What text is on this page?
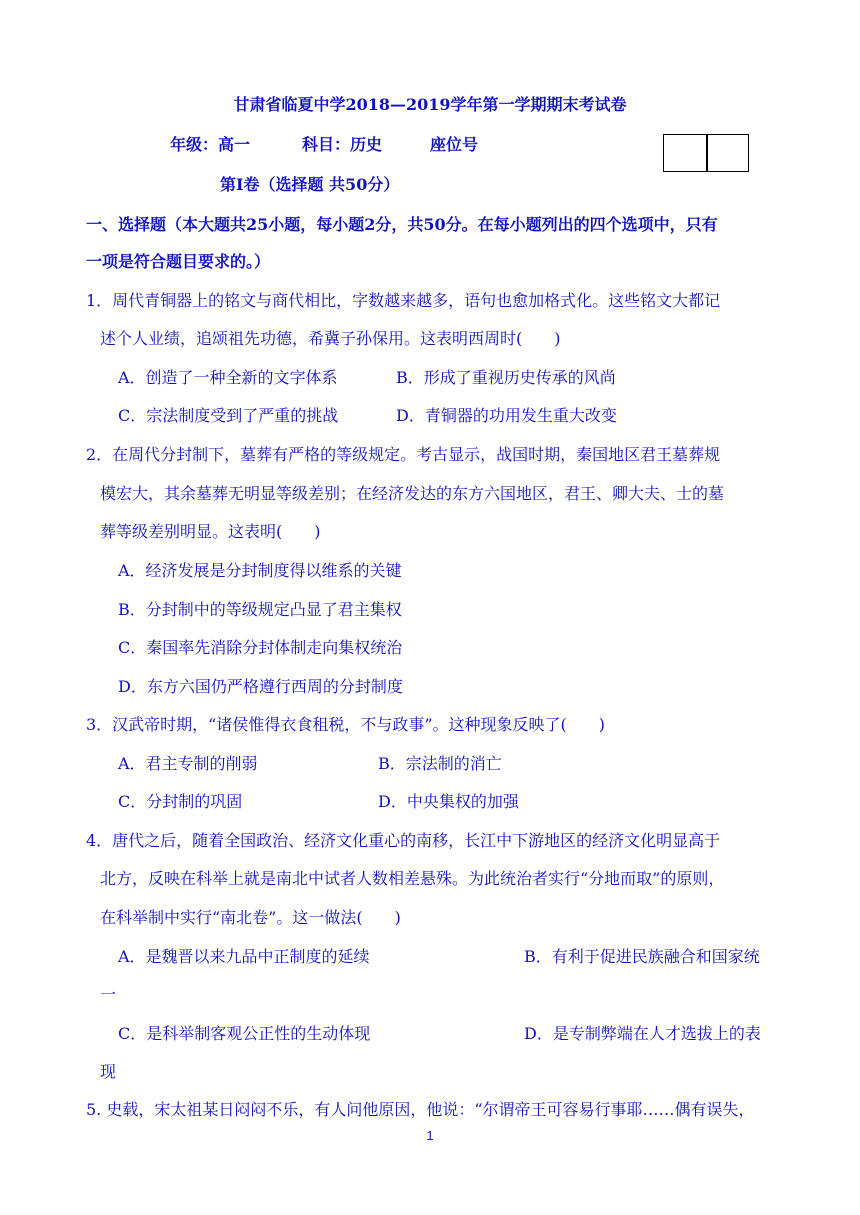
甘肃省临夏中学2018—2019学年第一学期期末考试卷
年级：高一	科目：历史	座位号
第Ⅰ卷（选择题 共50分）
一、选择题（本大题共25小题，每小题2分，共50分。在每小题列出的四个选项中，只有
一项是符合题目要求的。）
1．周代青铜器上的铭文与商代相比，字数越来越多，语句也愈加格式化。这些铭文大都记
述个人业绩，追颂祖先功德，希冀子孙保用。这表明西周时(　　)
A．创造了一种全新的文字体系	B．形成了重视历史传承的风尚
C．宗法制度受到了严重的挑战	D．青铜器的功用发生重大改变
2．在周代分封制下，墓葬有严格的等级规定。考古显示，战国时期，秦国地区君王墓葬规
模宏大，其余墓葬无明显等级差别；在经济发达的东方六国地区，君王、卿大夫、士的墓
葬等级差别明显。这表明(　　)
A．经济发展是分封制度得以维系的关键
B．分封制中的等级规定凸显了君主集权
C．秦国率先消除分封体制走向集权统治
D．东方六国仍严格遵行西周的分封制度
3．汉武帝时期，“诸侯惟得衣食租税，不与政事”。这种现象反映了(　　)
A．君主专制的削弱	B．宗法制的消亡
C．分封制的巩固	D．中央集权的加强
4．唐代之后，随着全国政治、经济文化重心的南移，长江中下游地区的经济文化明显高于
北方，反映在科举上就是南北中试者人数相差悬殊。为此统治者实行“分地而取”的原则，
在科举制中实行“南北卷”。这一做法(　　)
A．是魏晋以来九品中正制度的延续	B．有利于促进民族融合和国家统
一
C．是科举制客观公正性的生动体现	D．是专制弊端在人才选拔上的表
现
5. 史载，宋太祖某日闷闷不乐，有人问他原因，他说：“尔谓帝王可容易行事耶……偶有误失，
1
